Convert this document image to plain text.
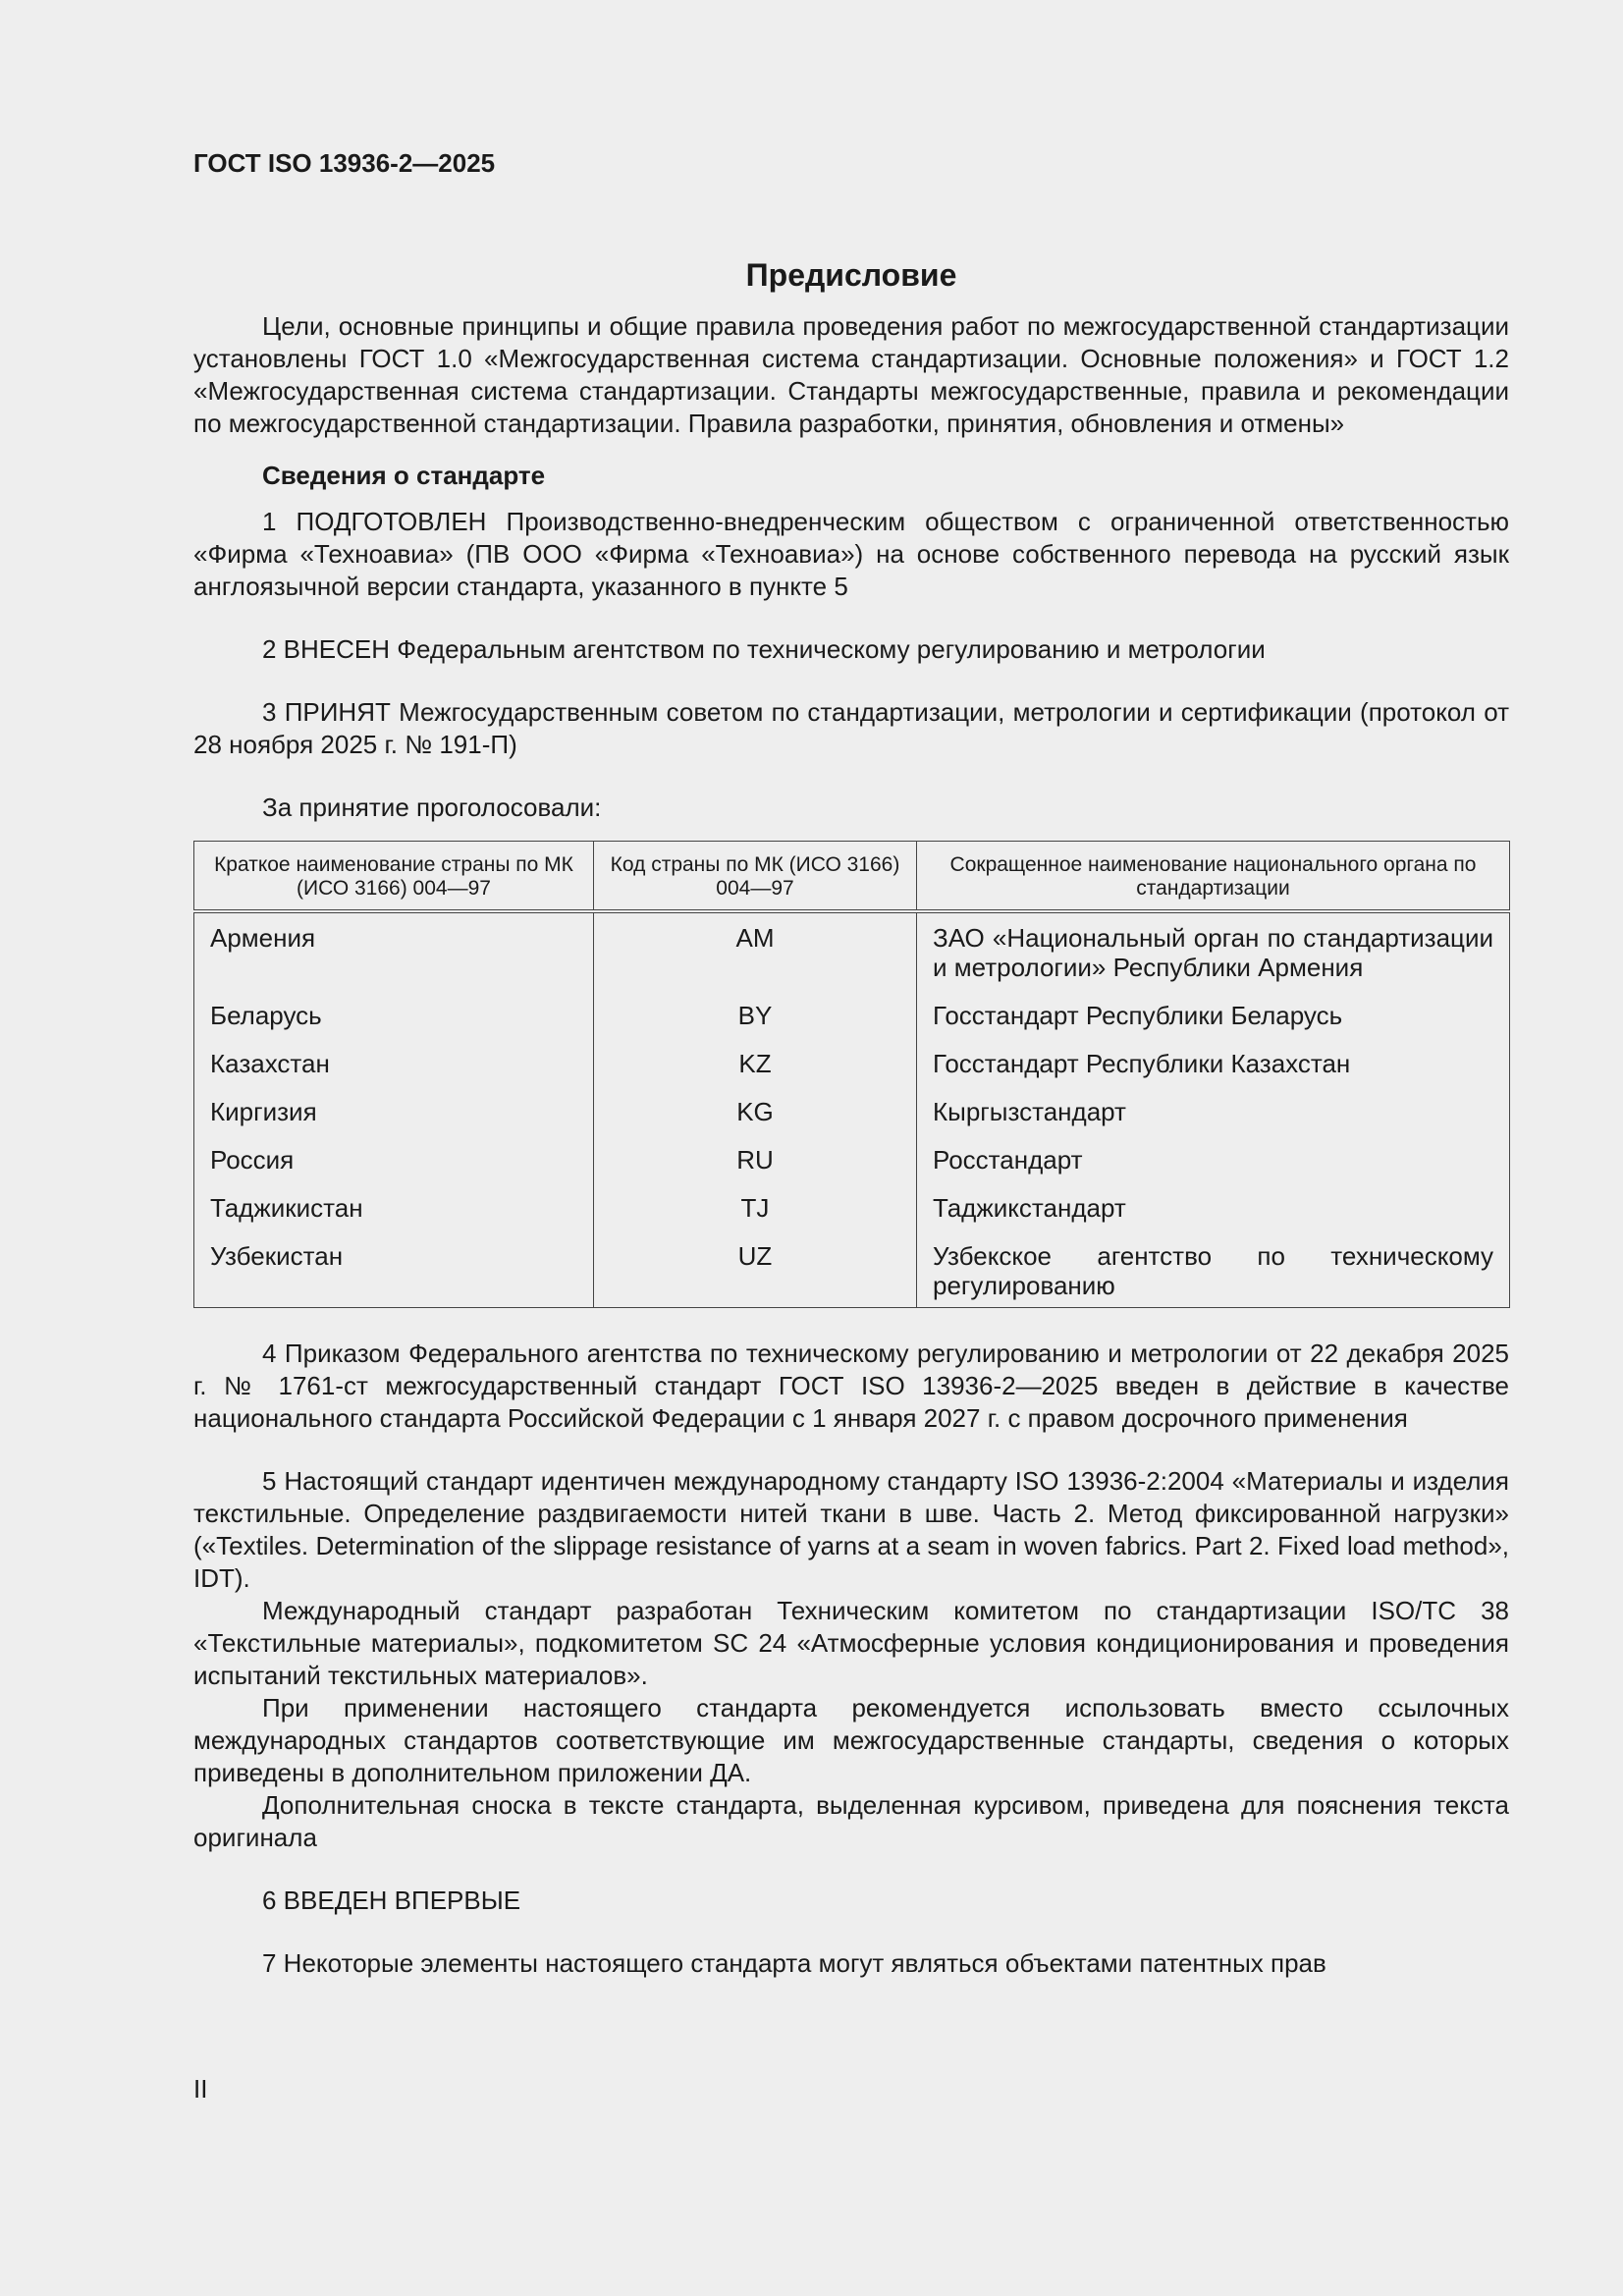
ГОСТ ISO 13936-2—2025
Предисловие

Цели, основные принципы и общие правила проведения работ по межгосударственной стандартизации установлены ГОСТ 1.0 «Межгосударственная система стандартизации. Основные положения» и ГОСТ 1.2 «Межгосударственная система стандартизации. Стандарты межгосударственные, правила и рекомендации по межгосударственной стандартизации. Правила разработки, принятия, обновления и отмены»

Сведения о стандарте

1 ПОДГОТОВЛЕН Производственно-внедренческим обществом с ограниченной ответственностью «Фирма «Техноавиа» (ПВ ООО «Фирма «Техноавиа») на основе собственного перевода на русский язык англоязычной версии стандарта, указанного в пункте 5

2 ВНЕСЕН Федеральным агентством по техническому регулированию и метрологии

3 ПРИНЯТ Межгосударственным советом по стандартизации, метрологии и сертификации (протокол от 28 ноября 2025 г. № 191-П)

За принятие проголосовали:

Краткое наименование страны по МК (ИСО 3166) 004—97	Код страны по МК (ИСО 3166) 004—97	Сокращенное наименование национального органа по стандартизации
Армения	AM	ЗАО «Национальный орган по стандартизации и метрологии» Республики Армения
Беларусь	BY	Госстандарт Республики Беларусь
Казахстан	KZ	Госстандарт Республики Казахстан
Киргизия	KG	Кыргызстандарт
Россия	RU	Росстандарт
Таджикистан	TJ	Таджикстандарт
Узбекистан	UZ	Узбекское агентство по техническому регулированию

4 Приказом Федерального агентства по техническому регулированию и метрологии от 22 декабря 2025 г. № 1761-ст межгосударственный стандарт ГОСТ ISO 13936-2—2025 введен в действие в качестве национального стандарта Российской Федерации с 1 января 2027 г. с правом досрочного применения

5 Настоящий стандарт идентичен международному стандарту ISO 13936-2:2004 «Материалы и изделия текстильные. Определение раздвигаемости нитей ткани в шве. Часть 2. Метод фиксированной нагрузки» («Textiles. Determination of the slippage resistance of yarns at a seam in woven fabrics. Part 2. Fixed load method», IDT).

Международный стандарт разработан Техническим комитетом по стандартизации ISO/TC 38 «Текстильные материалы», подкомитетом SC 24 «Атмосферные условия кондиционирования и проведения испытаний текстильных материалов».

При применении настоящего стандарта рекомендуется использовать вместо ссылочных международных стандартов соответствующие им межгосударственные стандарты, сведения о которых приведены в дополнительном приложении ДА.

Дополнительная сноска в тексте стандарта, выделенная курсивом, приведена для пояснения текста оригинала

6 ВВЕДЕН ВПЕРВЫЕ

7 Некоторые элементы настоящего стандарта могут являться объектами патентных прав

II
